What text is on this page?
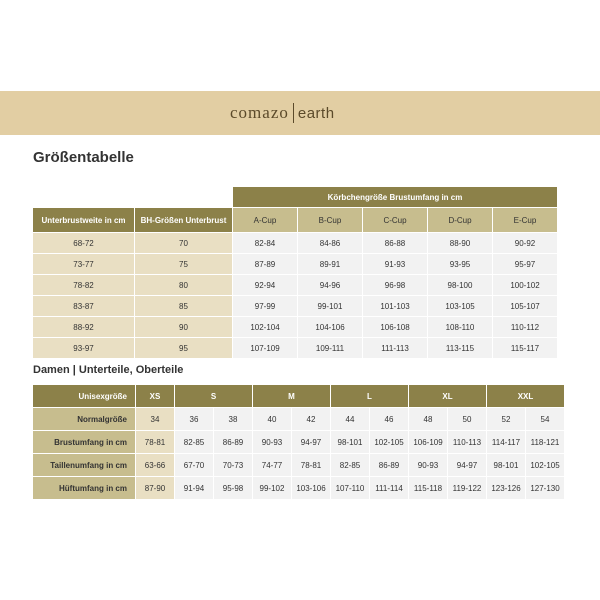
comazo earth
Größentabelle
		Körbchengröße Brustumfang in cm				
Unterbrustweite in cm	BH-Größen Unterbrust	A-Cup	B-Cup	C-Cup	D-Cup	E-Cup
68-72	70	82-84	84-86	86-88	88-90	90-92
73-77	75	87-89	89-91	91-93	93-95	95-97
78-82	80	92-94	94-96	96-98	98-100	100-102
83-87	85	97-99	99-101	101-103	103-105	105-107
88-92	90	102-104	104-106	106-108	108-110	110-112
93-97	95	107-109	109-111	111-113	113-115	115-117
Damen | Unterteile, Oberteile
Unisexgröße	XS	S		M		L		XL		XXL	
Normalgröße	34	36	38	40	42	44	46	48	50	52	54
Brustumfang in cm	78-81	82-85	86-89	90-93	94-97	98-101	102-105	106-109	110-113	114-117	118-121
Taillenumfang in cm	63-66	67-70	70-73	74-77	78-81	82-85	86-89	90-93	94-97	98-101	102-105
Hüftumfang in cm	87-90	91-94	95-98	99-102	103-106	107-110	111-114	115-118	119-122	123-126	127-130
